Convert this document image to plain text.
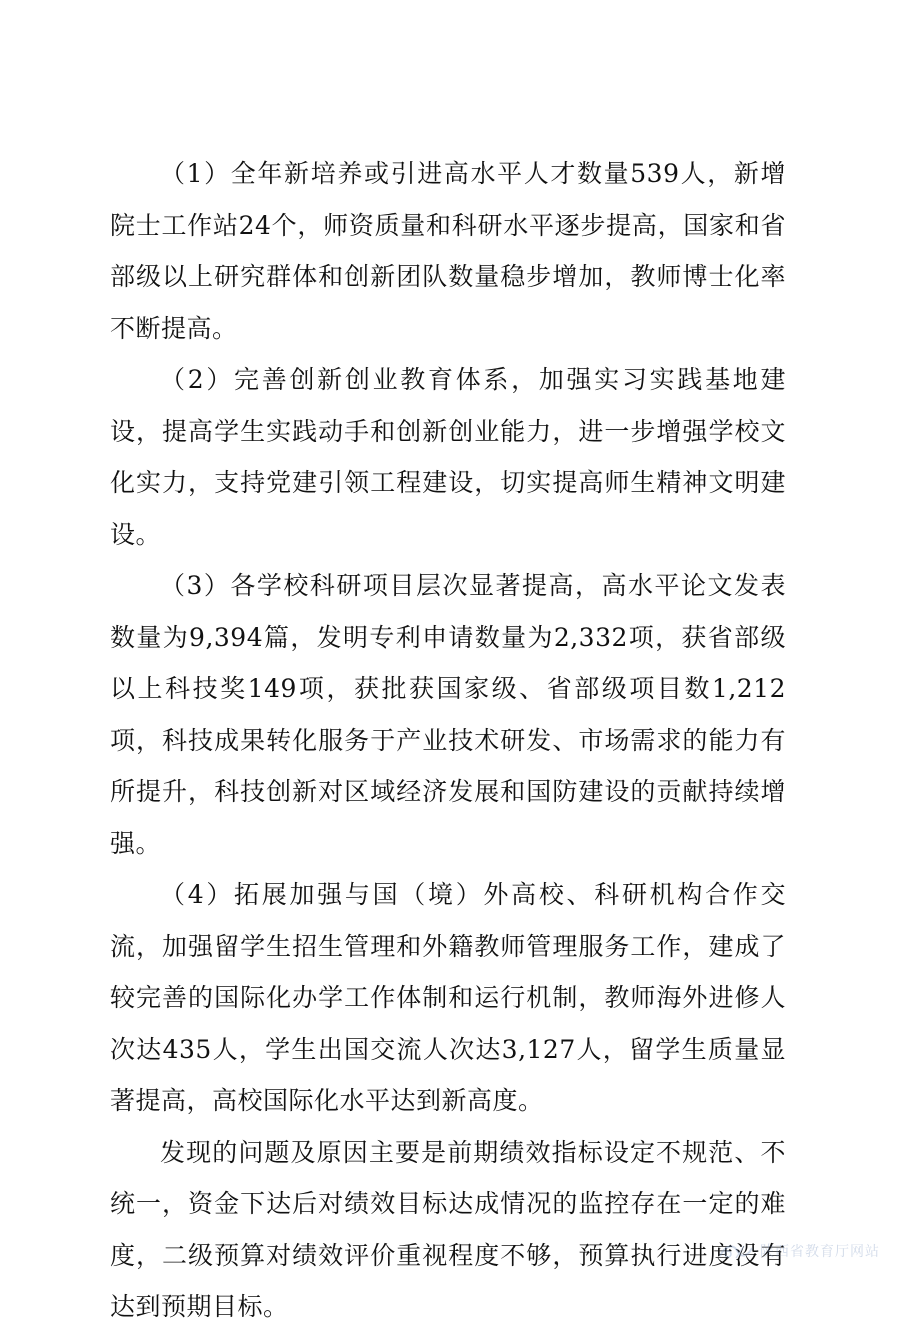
（1）全年新培养或引进高水平人才数量539人，新增院士工作站24个，师资质量和科研水平逐步提高，国家和省部级以上研究群体和创新团队数量稳步增加，教师博士化率不断提高。

（2）完善创新创业教育体系，加强实习实践基地建设，提高学生实践动手和创新创业能力，进一步增强学校文化实力，支持党建引领工程建设，切实提高师生精神文明建设。

（3）各学校科研项目层次显著提高，高水平论文发表数量为9,394篇，发明专利申请数量为2,332项，获省部级以上科技奖149项，获批获国家级、省部级项目数1,212项，科技成果转化服务于产业技术研发、市场需求的能力有所提升，科技创新对区域经济发展和国防建设的贡献持续增强。

（4）拓展加强与国（境）外高校、科研机构合作交流，加强留学生招生管理和外籍教师管理服务工作，建成了较完善的国际化办学工作体制和运行机制，教师海外进修人次达435人，学生出国交流人次达3,127人，留学生质量显著提高，高校国际化水平达到新高度。

发现的问题及原因主要是前期绩效指标设定不规范、不统一，资金下达后对绩效目标达成情况的监控存在一定的难度，二级预算对绩效评价重视程度不够，预算执行进度没有达到预期目标。

陕西省教育厅网站
